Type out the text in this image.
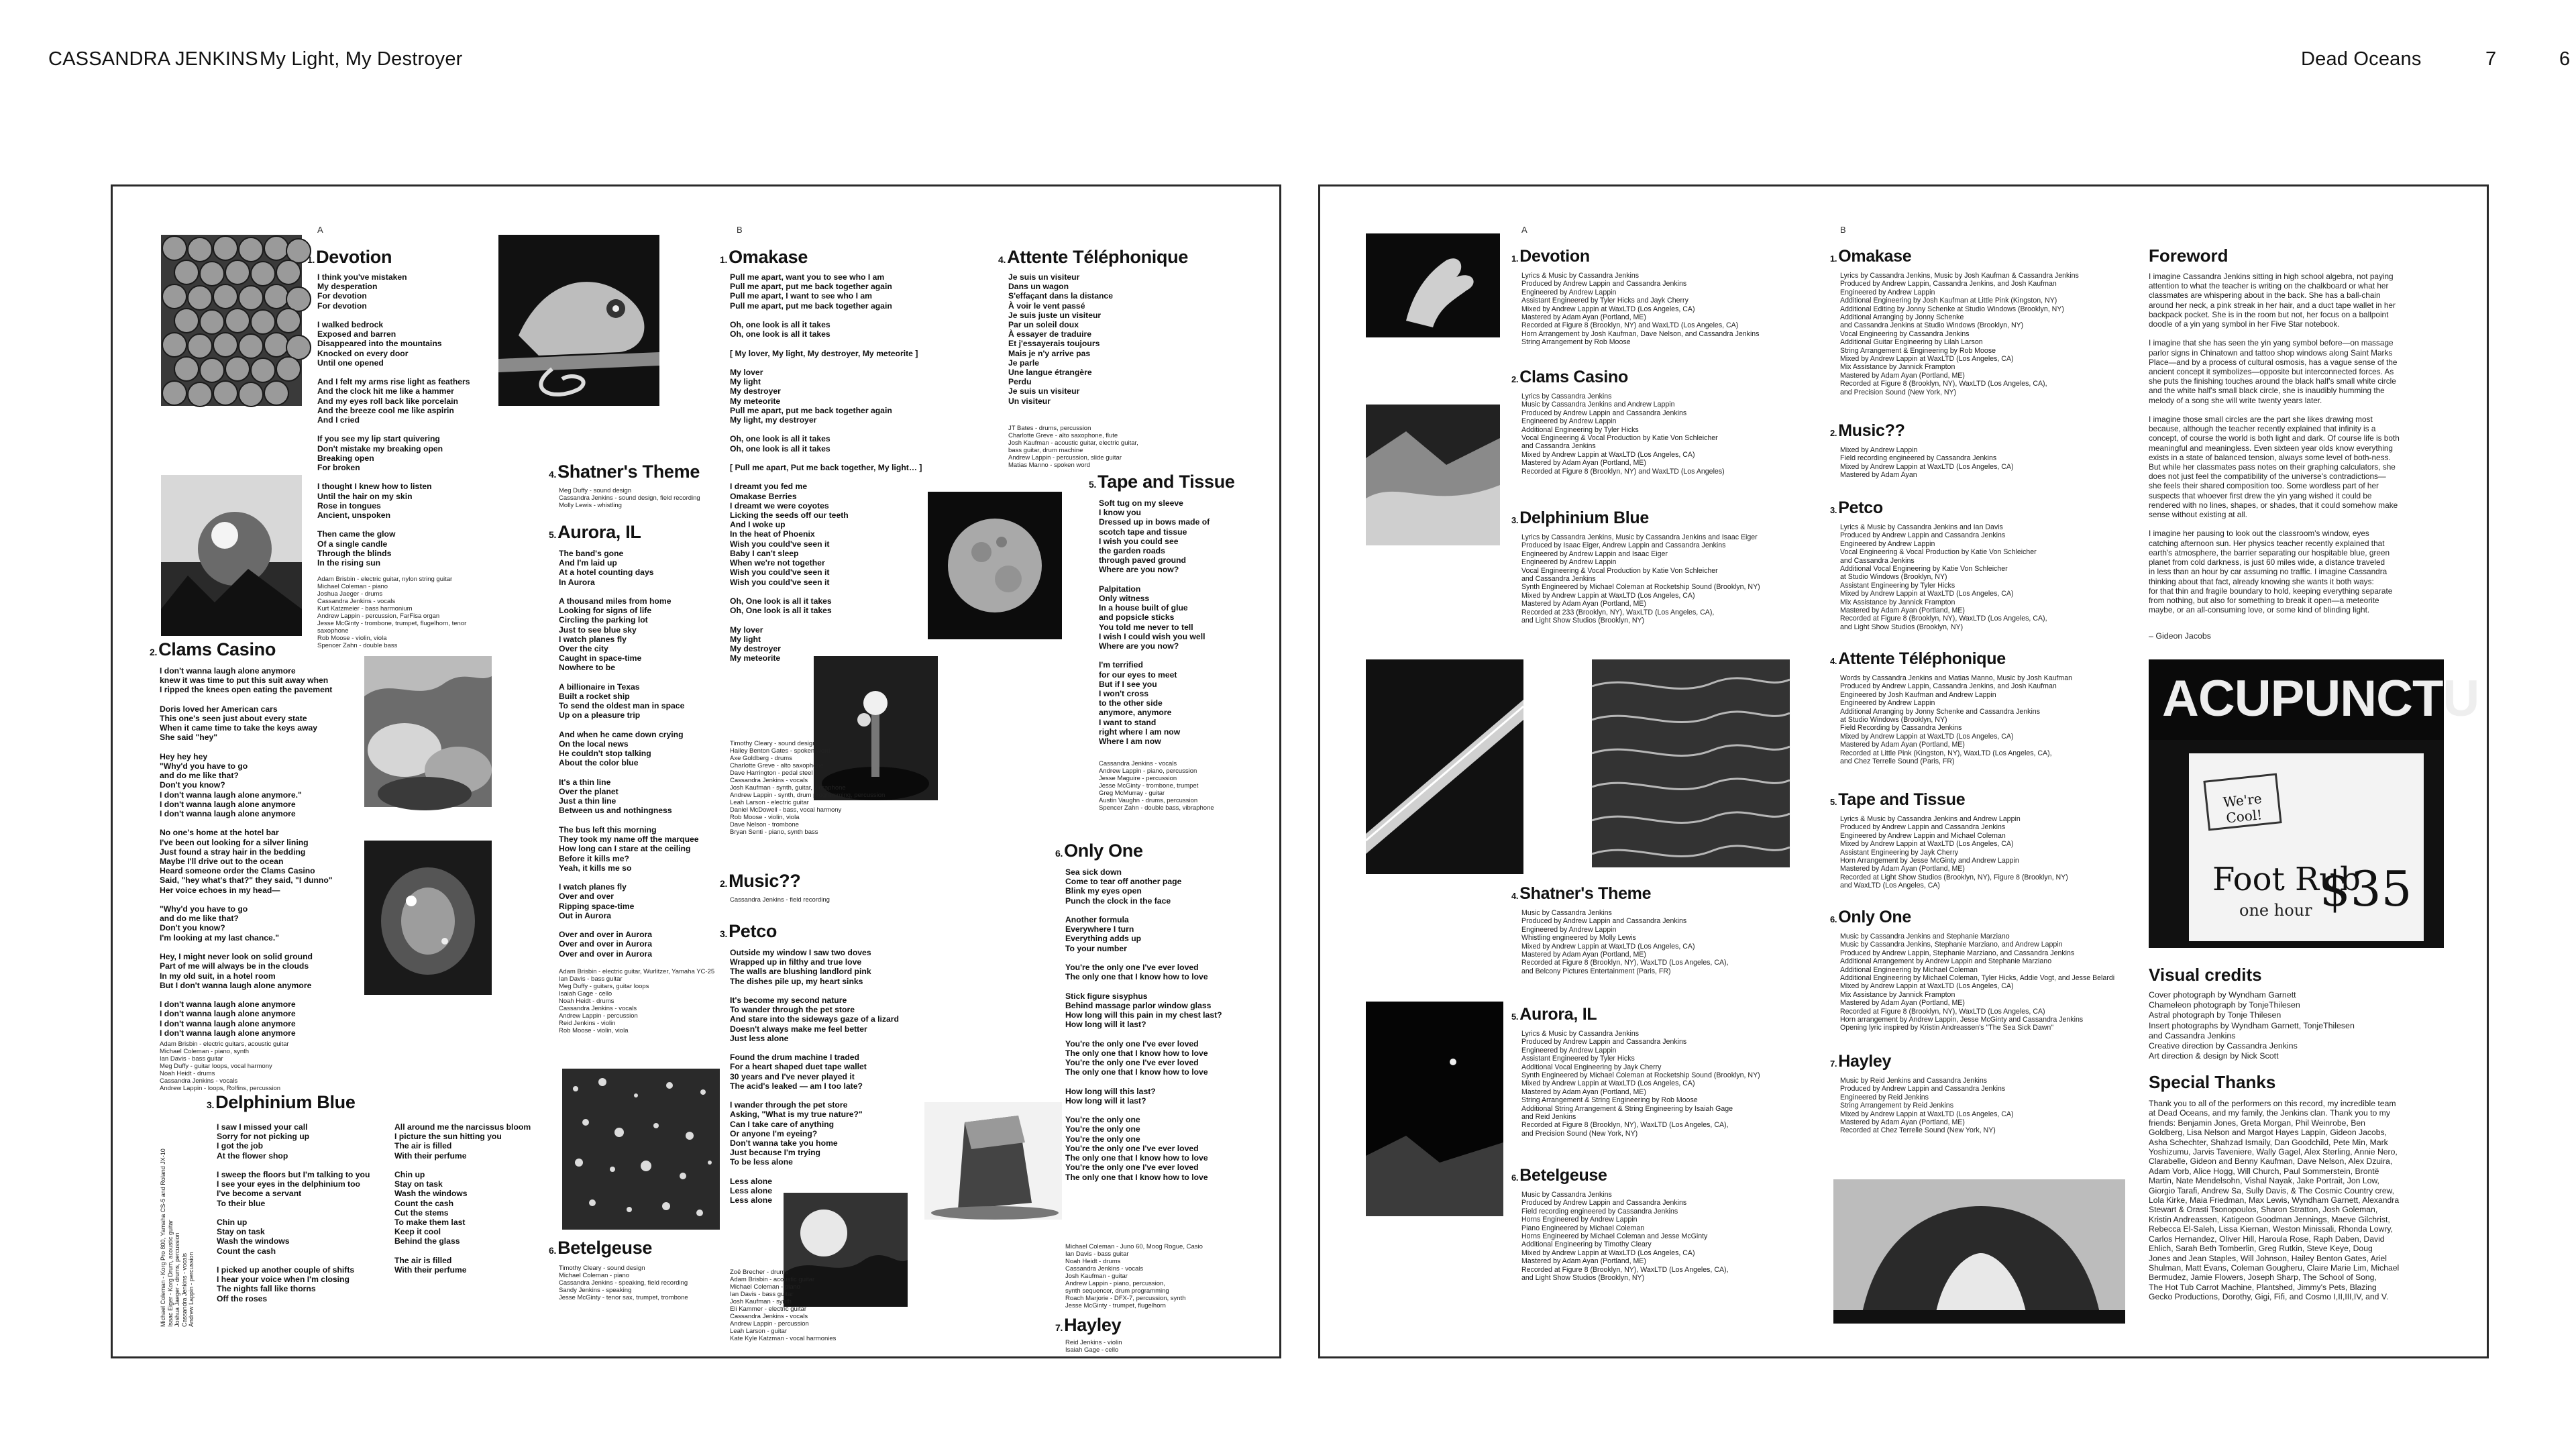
CASSANDRA JENKINS My Light, My Destroyer	Dead Oceans	7	6
A	B
1.Devotion
I think you've mistaken
My desperation
For devotion
For devotion

I walked bedrock
Exposed and barren
Disappeared into the mountains
Knocked on every door
Until one opened

And I felt my arms rise light as feathers
And the clock hit me like a hammer
And my eyes roll back like porcelain
And the breeze cool me like aspirin
And I cried

If you see my lip start quivering
Don't mistake my breaking open
Breaking open
For broken

I thought I knew how to listen
Until the hair on my skin
Rose in tongues
Ancient, unspoken

Then came the glow
Of a single candle
Through the blinds
In the rising sun
Adam Brisbin - electric guitar, nylon string guitar
Michael Coleman - piano
Joshua Jaeger - drums
Cassandra Jenkins - vocals
Kurt Katzmeier - bass harmonium
Andrew Lappin - percussion, FarFisa organ
Jesse McGinty - trombone, trumpet, flugelhorn, tenor saxophone
Rob Moose - violin, viola
Spencer Zahn - double bass
2.Clams Casino
I don't wanna laugh alone anymore
knew it was time to put this suit away when
I ripped the knees open eating the pavement

Doris loved her American cars
This one's seen just about every state
When it came time to take the keys away
She said "hey"

Hey hey hey
"Why'd you have to go
and do me like that?
Don't you know?
I don't wanna laugh alone anymore."
I don't wanna laugh alone anymore
I don't wanna laugh alone anymore

No one's home at the hotel bar
I've been out looking for a silver lining
Just found a stray hair in the bedding
Maybe I'll drive out to the ocean
Heard someone order the Clams Casino
Said, "hey what's that?" they said, "I dunno"
Her voice echoes in my head—

"Why'd you have to go
and do me like that?
Don't you know?
I'm looking at my last chance."

Hey, I might never look on solid ground
Part of me will always be in the clouds
In my old suit, in a hotel room
But I don't wanna laugh alone anymore

I don't wanna laugh alone anymore
I don't wanna laugh alone anymore
I don't wanna laugh alone anymore
I don't wanna laugh alone anymore
Adam Brisbin - electric guitars, acoustic guitar
Michael Coleman - piano, synth
Ian Davis - bass guitar
Meg Duffy - guitar loops, vocal harmony
Noah Heidt - drums
Cassandra Jenkins - vocals
Andrew Lappin - loops, Rolfins, percussion
3.Delphinium Blue
I saw I missed your call
Sorry for not picking up
I got the job
At the flower shop

I sweep the floors but I'm talking to you
I see your eyes in the delphinium too
I've become a servant
To their blue

Chin up
Stay on task
Wash the windows
Count the cash

I picked up another couple of shifts
I hear your voice when I'm closing
The nights fall like thorns
Off the roses
All around me the narcissus bloom
I picture the sun hitting you
The air is filled
With their perfume

Chin up
Stay on task
Wash the windows
Count the cash
Cut the stems
To make them last
Keep it cool
Behind the glass

The air is filled
With their perfume
Michael Coleman - Korg Pro 800, Yamaha CS-5 and Roland JX-10
Isaac Eiger - Korg Drum, acoustic guitar
Joshua Jaeger - drums, percussion
Cassandra Jenkins - vocals
Andrew Lappin - percussion
4.Shatner's Theme
Meg Duffy - sound design
Cassandra Jenkins - sound design, field recording
Molly Lewis - whistling
5.Aurora, IL
The band's gone
And I'm laid up
At a hotel counting days
In Aurora

A thousand miles from home
Looking for signs of life
Circling the parking lot
Just to see blue sky
I watch planes fly
Over the city
Caught in space-time
Nowhere to be

A billionaire in Texas
Built a rocket ship
To send the oldest man in space
Up on a pleasure trip

And when he came down crying
On the local news
He couldn't stop talking
About the color blue

It's a thin line
Over the planet
Just a thin line
Between us and nothingness

The bus left this morning
They took my name off the marquee
How long can I stare at the ceiling
Before it kills me?
Yeah, it kills me so

I watch planes fly
Over and over
Ripping space-time
Out in Aurora

Over and over in Aurora
Over and over in Aurora
Over and over in Aurora
Adam Brisbin - electric guitar, Wurlitzer, Yamaha YC-25
Ian Davis - bass guitar
Meg Duffy - guitars, guitar loops
Isaiah Gage - cello
Noah Heidt - drums
Cassandra Jenkins - vocals
Andrew Lappin - percussion
Reid Jenkins - violin
Rob Moose - violin, viola
6.Betelgeuse
Timothy Cleary - sound design
Michael Coleman - piano
Cassandra Jenkins - speaking, field recording
Sandy Jenkins - speaking
Jesse McGinty - tenor sax, trumpet, trombone
1.Omakase
Pull me apart, want you to see who I am
Pull me apart, put me back together again
Pull me apart, I want to see who I am
Pull me apart, put me back together again

Oh, one look is all it takes
Oh, one look is all it takes

[ My lover, My light, My destroyer, My meteorite ]

My lover
My light
My destroyer
My meteorite
Pull me apart, put me back together again
My light, my destroyer

Oh, one look is all it takes
Oh, one look is all it takes

[ Pull me apart, Put me back together, My light… ]

I dreamt you fed me
Omakase Berries
I dreamt we were coyotes
Licking the seeds off our teeth
And I woke up
In the heat of Phoenix
Wish you could've seen it
Baby I can't sleep
When we're not together
Wish you could've seen it
Wish you could've seen it

Oh, One look is all it takes
Oh, One look is all it takes

My lover
My light
My destroyer
My meteorite
Timothy Cleary - sound design
Hailey Benton Gates - spoken word
Axe Goldberg - drums
Charlotte Greve - alto saxophone
Dave Harrington - pedal steel
Cassandra Jenkins - vocals
Josh Kaufman - synth, guitar, vibraphone
Andrew Lappin - synth, drum programming, percussion
Leah Larson - electric guitar
Daniel McDowell - bass, vocal harmony
Rob Moose - violin, viola
Dave Nelson - trombone
Bryan Senti - piano, synth bass
2.Music??
Cassandra Jenkins - field recording
3.Petco
Outside my window I saw two doves
Wrapped up in filthy and true love
The walls are blushing landlord pink
The dishes pile up, my heart sinks

It's become my second nature
To wander through the pet store
And stare into the sideways gaze of a lizard
Doesn't always make me feel better
Just less alone

Found the drum machine I traded
For a heart shaped duet tape wallet
30 years and I've never played it
The acid's leaked — am I too late?

I wander through the pet store
Asking, "What is my true nature?"
Can I take care of anything
Or anyone I'm eyeing?
Don't wanna take you home
Just because I'm trying
To be less alone

Less alone
Less alone
Less alone
Zoë Brecher - drums
Adam Brisbin - acoustic guitar
Michael Coleman - piano
Ian Davis - bass guitar
Josh Kaufman - synth
Eli Kammer - electric guitar
Cassandra Jenkins - vocals
Andrew Lappin - percussion
Leah Larson - guitar
Kate Kyle Katzman - vocal harmonies
4.Attente Téléphonique
Je suis un visiteur
Dans un wagon
S'effaçant dans la distance
À voir le vent passé
Je suis juste un visiteur
Par un soleil doux
À essayer de traduire
Et j'essayerais toujours
Mais je n'y arrive pas
Je parle
Une langue étrangère
Perdu
Je suis un visiteur
Un visiteur
JT Bates - drums, percussion
Charlotte Greve - alto saxophone, flute
Josh Kaufman - acoustic guitar, electric guitar,
bass guitar, drum machine
Andrew Lappin - percussion, slide guitar
Matias Manno - spoken word
5.Tape and Tissue
Soft tug on my sleeve
I know you
Dressed up in bows made of
scotch tape and tissue
I wish you could see
the garden roads
through paved ground
Where are you now?

Palpitation
Only witness
In a house built of glue
and popsicle sticks
You told me never to tell
I wish I could wish you well
Where are you now?

I'm terrified
for our eyes to meet
But if I see you
I won't cross
to the other side
anymore, anymore
I want to stand
right where I am now
Where I am now
Cassandra Jenkins - vocals
Andrew Lappin - piano, percussion
Jesse Maguire - percussion
Jesse McGinty - trombone, trumpet
Greg McMurray - guitar
Austin Vaughn - drums, percussion
Spencer Zahn - double bass, vibraphone
6.Only One
Sea sick down
Come to tear off another page
Blink my eyes open
Punch the clock in the face

Another formula
Everywhere I turn
Everything adds up
To your number

You're the only one I've ever loved
The only one that I know how to love

Stick figure sisyphus
Behind massage parlor window glass
How long will this pain in my chest last?
How long will it last?

You're the only one I've ever loved
The only one that I know how to love
You're the only one I've ever loved
The only one that I know how to love

How long will this last?
How long will it last?

You're the only one
You're the only one
You're the only one
You're the only one I've ever loved
The only one that I know how to love
You're the only one I've ever loved
The only one that I know how to love
Michael Coleman - Juno 60, Moog Rogue, Casio
Ian Davis - bass guitar
Noah Heidt - drums
Cassandra Jenkins - vocals
Josh Kaufman - guitar
Andrew Lappin - piano, percussion,
synth sequencer, drum programming
Roach Marjorie - DFX-7, percussion, synth
Jesse McGinty - trumpet, flugelhorn
7.Hayley
Reid Jenkins - violin
Isaiah Gage - cello
A	B
ACUPUNCTU
We're Cool!
Foot Rub
$35
one hour
1.Devotion
Lyrics & Music by Cassandra Jenkins
Produced by Andrew Lappin and Cassandra Jenkins
Engineered by Andrew Lappin
Assistant Engineered by Tyler Hicks and Jayk Cherry
Mixed by Andrew Lappin at WaxLTD (Los Angeles, CA)
Mastered by Adam Ayan (Portland, ME)
Recorded at Figure 8 (Brooklyn, NY) and WaxLTD (Los Angeles, CA)
Horn Arrangement by Josh Kaufman, Dave Nelson, and Cassandra Jenkins
String Arrangement by Rob Moose
2.Clams Casino
Lyrics by Cassandra Jenkins
Music by Cassandra Jenkins and Andrew Lappin
Produced by Andrew Lappin and Cassandra Jenkins
Engineered by Andrew Lappin
Additional Engineering by Tyler Hicks
Vocal Engineering & Vocal Production by Katie Von Schleicher
and Cassandra Jenkins
Mixed by Andrew Lappin at WaxLTD (Los Angeles, CA)
Mastered by Adam Ayan (Portland, ME)
Recorded at Figure 8 (Brooklyn, NY) and WaxLTD (Los Angeles)
3.Delphinium Blue
Lyrics by Cassandra Jenkins, Music by Cassandra Jenkins and Isaac Eiger
Produced by Isaac Eiger, Andrew Lappin and Cassandra Jenkins
Engineered by Andrew Lappin and Isaac Eiger
Engineered by Andrew Lappin
Vocal Engineering & Vocal Production by Katie Von Schleicher
and Cassandra Jenkins
Synth Engineered by Michael Coleman at Rocketship Sound (Brooklyn, NY)
Mixed by Andrew Lappin at WaxLTD (Los Angeles, CA)
Mastered by Adam Ayan (Portland, ME)
Recorded at 233 (Brooklyn, NY), WaxLTD (Los Angeles, CA),
and Light Show Studios (Brooklyn, NY)
4.Shatner's Theme
Music by Cassandra Jenkins
Produced by Andrew Lappin and Cassandra Jenkins
Engineered by Andrew Lappin
Whistling engineered by Molly Lewis
Mixed by Andrew Lappin at WaxLTD (Los Angeles, CA)
Mastered by Adam Ayan (Portland, ME)
Recorded at Figure 8 (Brooklyn, NY), WaxLTD (Los Angeles, CA),
and Belcony Pictures Entertainment (Paris, FR)
5.Aurora, IL
Lyrics & Music by Cassandra Jenkins
Produced by Andrew Lappin and Cassandra Jenkins
Engineered by Andrew Lappin
Assistant Engineered by Tyler Hicks
Additional Vocal Engineering by Jayk Cherry
Synth Engineered by Michael Coleman at Rocketship Sound (Brooklyn, NY)
Mixed by Andrew Lappin at WaxLTD (Los Angeles, CA)
Mastered by Adam Ayan (Portland, ME)
String Arrangement & String Engineering by Rob Moose
Additional String Arrangement & String Engineering by Isaiah Gage
and Reid Jenkins
Recorded at Figure 8 (Brooklyn, NY), WaxLTD (Los Angeles, CA),
and Precision Sound (New York, NY)
6.Betelgeuse
Music by Cassandra Jenkins
Produced by Andrew Lappin and Cassandra Jenkins
Field recording engineered by Cassandra Jenkins
Horns Engineered by Andrew Lappin
Piano Engineered by Michael Coleman
Horns Engineered by Michael Coleman and Jesse McGinty
Additional Engineering by Timothy Cleary
Mixed by Andrew Lappin at WaxLTD (Los Angeles, CA)
Mastered by Adam Ayan (Portland, ME)
Recorded at Figure 8 (Brooklyn, NY), WaxLTD (Los Angeles, CA),
and Light Show Studios (Brooklyn, NY)
1.Omakase
Lyrics by Cassandra Jenkins, Music by Josh Kaufman & Cassandra Jenkins
Produced by Andrew Lappin, Cassandra Jenkins, and Josh Kaufman
Engineered by Andrew Lappin
Additional Engineering by Josh Kaufman at Little Pink (Kingston, NY)
Additional Editing by Jonny Schenke at Studio Windows (Brooklyn, NY)
Additional Arranging by Jonny Schenke
and Cassandra Jenkins at Studio Windows (Brooklyn, NY)
Vocal Engineering by Cassandra Jenkins
Additional Guitar Engineering by Lilah Larson
String Arrangement & Engineering by Rob Moose
Mixed by Andrew Lappin at WaxLTD (Los Angeles, CA)
Mix Assistance by Jannick Frampton
Mastered by Adam Ayan (Portland, ME)
Recorded at Figure 8 (Brooklyn, NY), WaxLTD (Los Angeles, CA),
and Precision Sound (New York, NY)
2.Music??
Mixed by Andrew Lappin
Field recording engineered by Cassandra Jenkins
Mixed by Andrew Lappin at WaxLTD (Los Angeles, CA)
Mastered by Adam Ayan
3.Petco
Lyrics & Music by Cassandra Jenkins and Ian Davis
Produced by Andrew Lappin and Cassandra Jenkins
Engineered by Andrew Lappin
Vocal Engineering & Vocal Production by Katie Von Schleicher
and Cassandra Jenkins
Additional Vocal Engineering by Katie Von Schleicher
at Studio Windows (Brooklyn, NY)
Assistant Engineering by Tyler Hicks
Mixed by Andrew Lappin at WaxLTD (Los Angeles, CA)
Mix Assistance by Jannick Frampton
Mastered by Adam Ayan (Portland, ME)
Recorded at Figure 8 (Brooklyn, NY), WaxLTD (Los Angeles, CA),
and Light Show Studios (Brooklyn, NY)
4.Attente Téléphonique
Words by Cassandra Jenkins and Matias Manno, Music by Josh Kaufman
Produced by Andrew Lappin, Cassandra Jenkins, and Josh Kaufman
Engineered by Josh Kaufman and Andrew Lappin
Engineered by Andrew Lappin
Additional Arranging by Jonny Schenke and Cassandra Jenkins
at Studio Windows (Brooklyn, NY)
Field Recording by Cassandra Jenkins
Mixed by Andrew Lappin at WaxLTD (Los Angeles, CA)
Mastered by Adam Ayan (Portland, ME)
Recorded at Little Pink (Kingston, NY), WaxLTD (Los Angeles, CA),
and Chez Terrelle Sound (Paris, FR)
5.Tape and Tissue
Lyrics & Music by Cassandra Jenkins and Andrew Lappin
Produced by Andrew Lappin and Cassandra Jenkins
Engineered by Andrew Lappin and Michael Coleman
Mixed by Andrew Lappin at WaxLTD (Los Angeles, CA)
Assistant Engineering by Jayk Cherry
Horn Arrangement by Jesse McGinty and Andrew Lappin
Mastered by Adam Ayan (Portland, ME)
Recorded at Light Show Studios (Brooklyn, NY), Figure 8 (Brooklyn, NY)
and WaxLTD (Los Angeles, CA)
6.Only One
Music by Cassandra Jenkins and Stephanie Marziano
Music by Cassandra Jenkins, Stephanie Marziano, and Andrew Lappin
Produced by Andrew Lappin, Stephanie Marziano, and Cassandra Jenkins
Additional Arrangement by Andrew Lappin and Stephanie Marziano
Additional Engineering by Michael Coleman
Additional Engineering by Michael Coleman, Tyler Hicks, Addie Vogt, and Jesse Belardi
Mixed by Andrew Lappin at WaxLTD (Los Angeles, CA)
Mix Assistance by Jannick Frampton
Mastered by Adam Ayan (Portland, ME)
Recorded at Figure 8 (Brooklyn, NY), WaxLTD (Los Angeles, CA)
Horn arrangement by Andrew Lappin, Jesse McGinty and Cassandra Jenkins
Opening lyric inspired by Kristin Andreassen's "The Sea Sick Dawn"
7.Hayley
Music by Reid Jenkins and Cassandra Jenkins
Produced by Andrew Lappin and Cassandra Jenkins
Engineered by Reid Jenkins
String Arrangement by Reid Jenkins
Mixed by Andrew Lappin at WaxLTD (Los Angeles, CA)
Mastered by Adam Ayan (Portland, ME)
Recorded at Chez Terrelle Sound (New York, NY)
Foreword
I imagine Cassandra Jenkins sitting in high school algebra, not paying
attention to what the teacher is writing on the chalkboard or what her
classmates are whispering about in the back. She has a ball-chain
around her neck, a pink streak in her hair, and a duct tape wallet in her
backpack pocket. She is in the room but not, her focus on a ballpoint
doodle of a yin yang symbol in her Five Star notebook.

I imagine that she has seen the yin yang symbol before—on massage
parlor signs in Chinatown and tattoo shop windows along Saint Marks
Place—and by a process of cultural osmosis, has a vague sense of the
ancient concept it symbolizes—opposite but interconnected forces. As
she puts the finishing touches around the black half's small white circle
and the white half's small black circle, she is inaudibly humming the
melody of a song she will write twenty years later.

I imagine those small circles are the part she likes drawing most
because, although the teacher recently explained that infinity is a
concept, of course the world is both light and dark. Of course life is both
meaningful and meaningless. Even sixteen year olds know everything
exists in a state of balanced tension, always some level of both-ness.
But while her classmates pass notes on their graphing calculators, she
does not just feel the compatibility of the universe's contradictions—
she feels their shared composition too. Some wordless part of her
suspects that whoever first drew the yin yang wished it could be
rendered with no lines, shapes, or shades, that it could somehow make
sense without existing at all.

I imagine her pausing to look out the classroom's window, eyes
catching afternoon sun. Her physics teacher recently explained that
earth's atmosphere, the barrier separating our hospitable blue, green
planet from cold darkness, is just 60 miles wide, a distance traveled
in less than an hour by car assuming no traffic. I imagine Cassandra
thinking about that fact, already knowing she wants it both ways:
for that thin and fragile boundary to hold, keeping everything separate
from nothing, but also for something to break it open—a meteorite
maybe, or an all-consuming love, or some kind of blinding light.
– Gideon Jacobs
Visual credits
Cover photograph by Wyndham Garnett
Chameleon photograph by TonjeThilesen
Astral photograph by Tonje Thilesen
Insert photographs by Wyndham Garnett, TonjeThilesen
and Cassandra Jenkins
Creative direction by Cassandra Jenkins
Art direction & design by Nick Scott
Special Thanks
Thank you to all of the performers on this record, my incredible team
at Dead Oceans, and my family, the Jenkins clan. Thank you to my
friends: Benjamin Jones, Greta Morgan, Phil Weinrobe, Ben
Goldberg, Lisa Nelson and Margot Hayes Lappin, Gideon Jacobs,
Asha Schechter, Shahzad Ismaily, Dan Goodchild, Pete Min, Mark
Yoshizumu, Jarvis Taveniere, Wally Gagel, Alex Sterling, Annie Nero,
Clarabelle, Gideon and Benny Kaufman, Dave Nelson, Alex Dzuira,
Adam Vorb, Alice Hogg, Will Church, Paul Sommerstein, Brontë
Martin, Nate Mendelsohn, Vishal Nayak, Jake Portrait, Jon Low,
Giorgio Tarafi, Andrew Sa, Sully Davis, & The Cosmic Country crew,
Lola Kirke, Maia Friedman, Max Lewis, Wyndham Garnett, Alexandra
Stewart & Orasti Tsonopoulos, Sharon Stratton, Josh Goleman,
Kristin Andreassen, Katigeon Goodman Jennings, Maeve Gilchrist,
Rebecca El-Saleh, Lissa Kiernan, Weston Minissali, Rhonda Lowry,
Carlos Hernandez, Oliver Hill, Haroula Rose, Raph Daben, David
Ehlich, Sarah Beth Tomberlin, Greg Rutkin, Steve Keye, Doug
Jones and Jean Staples, Will Johnson, Hailey Benton Gates, Ariel
Shulman, Matt Evans, Coleman Gougheru, Claire Marie Lim, Michael
Bermudez, Jamie Flowers, Joseph Sharp, The School of Song,
The Hot Tub Carrot Machine, Plantshed, Jimmy's Pets, Blazing
Gecko Productions, Dorothy, Gigi, Fifi, and Cosmo I,II,III,IV, and V.
